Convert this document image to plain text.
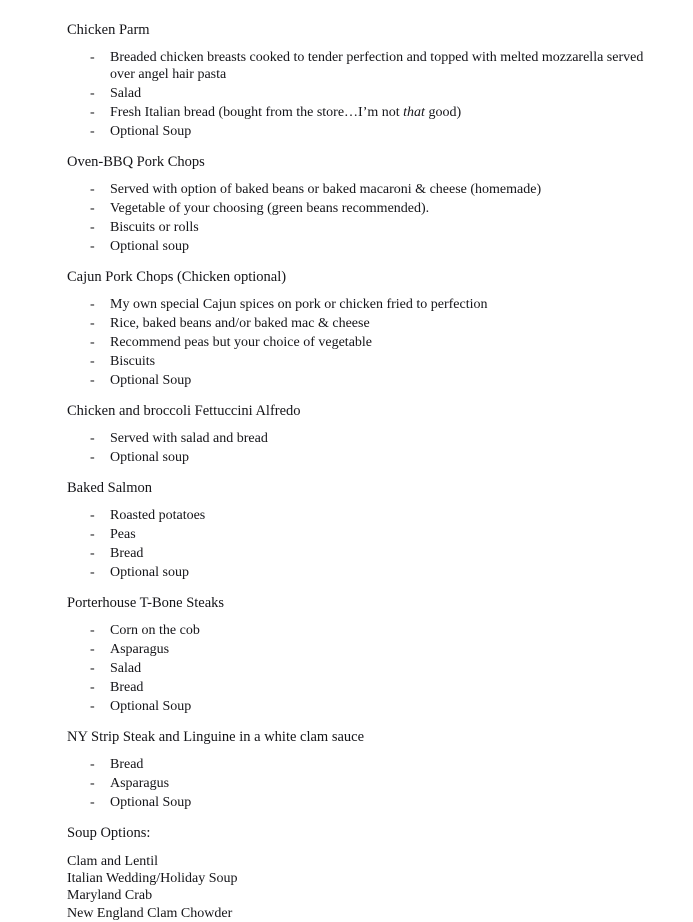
Chicken Parm

- Breaded chicken breasts cooked to tender perfection and topped with melted mozzarella served over angel hair pasta
- Salad
- Fresh Italian bread (bought from the store…I’m not that good)
- Optional Soup

Oven-BBQ Pork Chops

- Served with option of baked beans or baked macaroni & cheese (homemade)
- Vegetable of your choosing (green beans recommended).
- Biscuits or rolls
- Optional soup

Cajun Pork Chops (Chicken optional)

- My own special Cajun spices on pork or chicken fried to perfection
- Rice, baked beans and/or baked mac & cheese
- Recommend peas but your choice of vegetable
- Biscuits
- Optional Soup

Chicken and broccoli Fettuccini Alfredo

- Served with salad and bread
- Optional soup

Baked Salmon

- Roasted potatoes
- Peas
- Bread
- Optional soup

Porterhouse T-Bone Steaks

- Corn on the cob
- Asparagus
- Salad
- Bread
- Optional Soup

NY Strip Steak and Linguine in a white clam sauce

- Bread
- Asparagus
- Optional Soup

Soup Options:

Clam and Lentil
Italian Wedding/Holiday Soup
Maryland Crab
New England Clam Chowder
